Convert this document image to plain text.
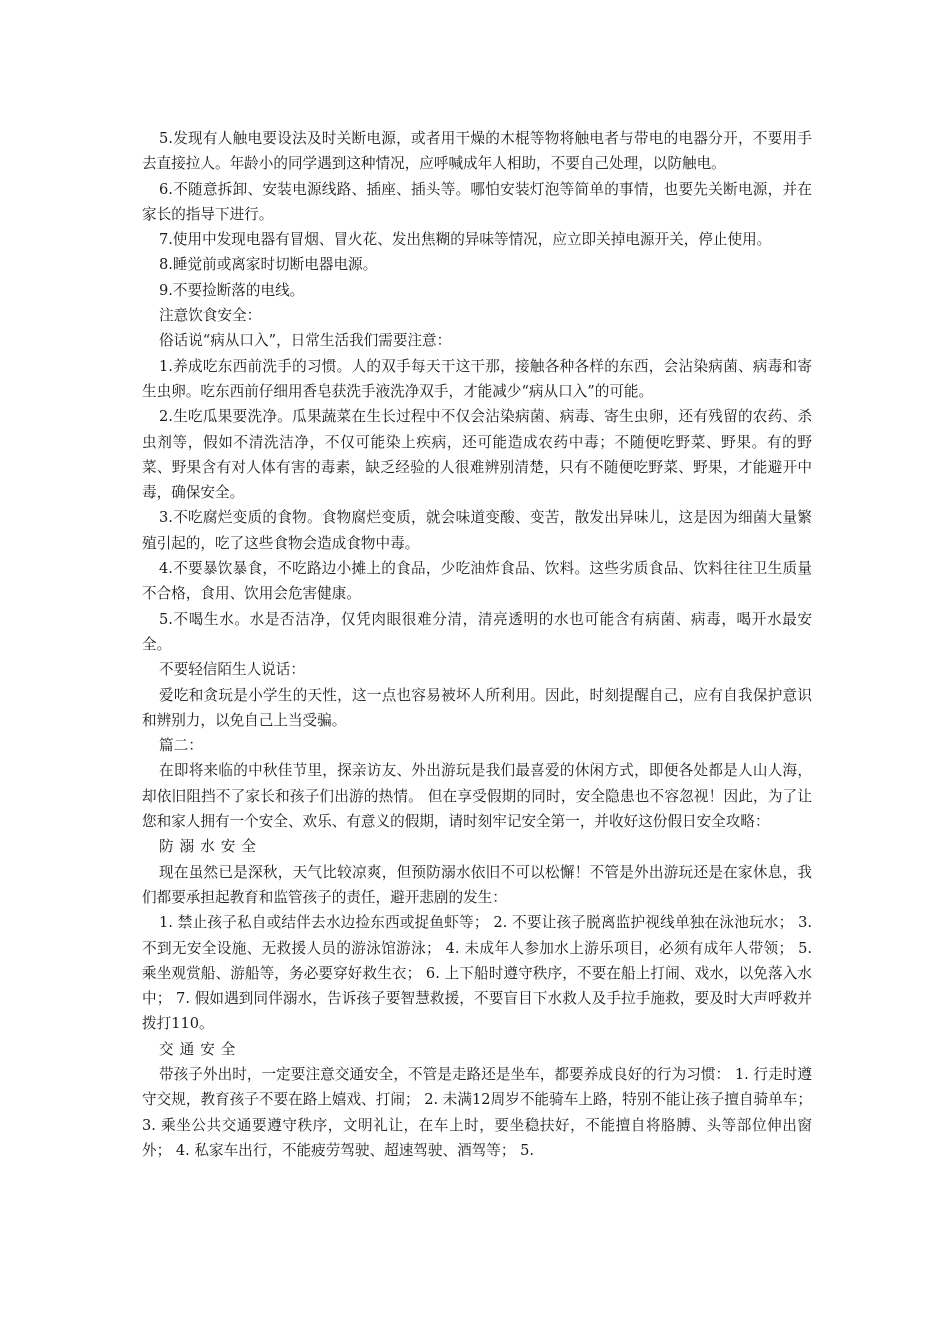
5.发现有人触电要设法及时关断电源，或者用干燥的木棍等物将触电者与带电的电器分开，不要用手去直接拉人。年龄小的同学遇到这种情况，应呼喊成年人相助，不要自己处理，以防触电。

6.不随意拆卸、安装电源线路、插座、插头等。哪怕安装灯泡等简单的事情，也要先关断电源，并在家长的指导下进行。

7.使用中发现电器有冒烟、冒火花、发出焦糊的异味等情况，应立即关掉电源开关，停止使用。

8.睡觉前或离家时切断电器电源。

9.不要捡断落的电线。

注意饮食安全：

俗话说“病从口入”，日常生活我们需要注意：

1.养成吃东西前洗手的习惯。人的双手每天干这干那，接触各种各样的东西，会沾染病菌、病毒和寄生虫卵。吃东西前仔细用香皂获洗手液洗净双手，才能减少“病从口入”的可能。

2.生吃瓜果要洗净。瓜果蔬菜在生长过程中不仅会沾染病菌、病毒、寄生虫卵，还有残留的农药、杀虫剂等，假如不清洗洁净，不仅可能染上疾病，还可能造成农药中毒；不随便吃野菜、野果。有的野菜、野果含有对人体有害的毒素，缺乏经验的人很难辨别清楚，只有不随便吃野菜、野果，才能避开中毒，确保安全。

3.不吃腐烂变质的食物。食物腐烂变质，就会味道变酸、变苦，散发出异味儿，这是因为细菌大量繁殖引起的，吃了这些食物会造成食物中毒。

4.不要暴饮暴食，不吃路边小摊上的食品，少吃油炸食品、饮料。这些劣质食品、饮料往往卫生质量不合格，食用、饮用会危害健康。

5.不喝生水。水是否洁净，仅凭肉眼很难分清，清亮透明的水也可能含有病菌、病毒，喝开水最安全。

不要轻信陌生人说话：

爱吃和贪玩是小学生的天性，这一点也容易被坏人所利用。因此，时刻提醒自己，应有自我保护意识和辨别力，以免自己上当受骗。

篇二：

在即将来临的中秋佳节里，探亲访友、外出游玩是我们最喜爱的休闲方式，即便各处都是人山人海，却依旧阻挡不了家长和孩子们出游的热情。 但在享受假期的同时，安全隐患也不容忽视！因此，为了让您和家人拥有一个安全、欢乐、有意义的假期，请时刻牢记安全第一，并收好这份假日安全攻略：

防溺水安全

现在虽然已是深秋，天气比较凉爽，但预防溺水依旧不可以松懈！不管是外出游玩还是在家休息，我们都要承担起教育和监管孩子的责任，避开悲剧的发生：

1. 禁止孩子私自或结伴去水边捡东西或捉鱼虾等； 2. 不要让孩子脱离监护视线单独在泳池玩水； 3. 不到无安全设施、无救援人员的游泳馆游泳； 4. 未成年人参加水上游乐项目，必须有成年人带领； 5. 乘坐观赏船、游船等，务必要穿好救生衣； 6. 上下船时遵守秩序，不要在船上打闹、戏水，以免落入水中； 7. 假如遇到同伴溺水，告诉孩子要智慧救援，不要盲目下水救人及手拉手施救，要及时大声呼救并拨打110。

交通安全

带孩子外出时，一定要注意交通安全，不管是走路还是坐车，都要养成良好的行为习惯： 1. 行走时遵守交规，教育孩子不要在路上嬉戏、打闹； 2. 未满12周岁不能骑车上路，特别不能让孩子擅自骑单车； 3. 乘坐公共交通要遵守秩序，文明礼让，在车上时，要坐稳扶好，不能擅自将胳膊、头等部位伸出窗外； 4. 私家车出行，不能疲劳驾驶、超速驾驶、酒驾等； 5.
